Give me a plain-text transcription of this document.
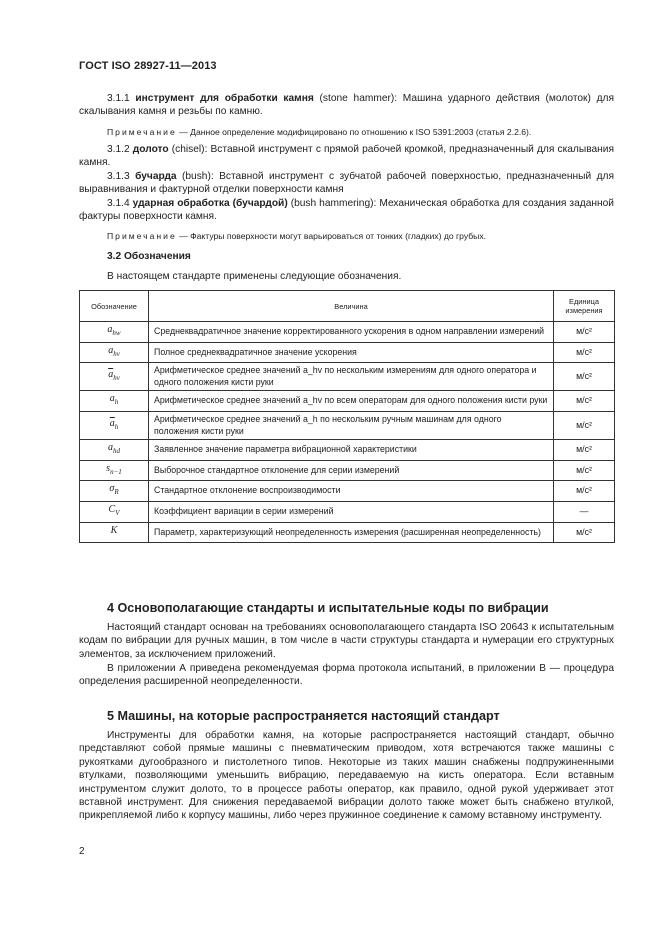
ГОСТ ISO 28927-11—2013
3.1.1 инструмент для обработки камня (stone hammer): Машина ударного действия (молоток) для скалывания камня и резьбы по камню.
Примечание — Данное определение модифицировано по отношению к ISO 5391:2003 (статья 2.2.6).
3.1.2 долото (chisel): Вставной инструмент с прямой рабочей кромкой, предназначенный для скалывания камня.
3.1.3 бучарда (bush): Вставной инструмент с зубчатой рабочей поверхностью, предназначенный для выравнивания и фактурной отделки поверхности камня
3.1.4 ударная обработка (бучардой) (bush hammering): Механическая обработка для создания заданной фактуры поверхности камня.
Примечание — Фактуры поверхности могут варьироваться от тонких (гладких) до грубых.
3.2 Обозначения
В настоящем стандарте применены следующие обозначения.
Обозначение	Величина	Единица измерения
$a_{hw}$	Среднеквадратичное значение корректированного ускорения в одном направлении измерений	м/с²
$a_{hv}$	Полное среднеквадратичное значение ускорения	м/с²
$\overline{a}_{hv}$	Арифметическое среднее значений a_hv по нескольким измерениям для одного оператора и одного положения кисти руки	м/с²
$a_h$	Арифметическое среднее значений a_hv по всем операторам для одного положения кисти руки	м/с²
$\overline{a}_h$	Арифметическое среднее значений a_h по нескольким ручным машинам для одного положения кисти руки	м/с²
$a_{hd}$	Заявленное значение параметра вибрационной характеристики	м/с²
$s_{n-1}$	Выборочное стандартное отклонение для серии измерений	м/с²
$\sigma_R$	Стандартное отклонение воспроизводимости	м/с²
$C_V$	Коэффициент вариации в серии измерений	—
K	Параметр, характеризующий неопределенность измерения (расширенная неопределенность)	м/с²
4 Основополагающие стандарты и испытательные коды по вибрации
Настоящий стандарт основан на требованиях основополагающего стандарта ISO 20643 к испытательным кодам по вибрации для ручных машин, в том числе в части структуры стандарта и нумерации его структурных элементов, за исключением приложений.
В приложении А приведена рекомендуемая форма протокола испытаний, в приложении В — процедура определения расширенной неопределенности.
5 Машины, на которые распространяется настоящий стандарт
Инструменты для обработки камня, на которые распространяется настоящий стандарт, обычно представляют собой прямые машины с пневматическим приводом, хотя встречаются также машины с рукоятками дугообразного и пистолетного типов. Некоторые из таких машин снабжены подпружиненными втулками, позволяющими уменьшить вибрацию, передаваемую на кисть оператора. Если вставным инструментом служит долото, то в процессе работы оператор, как правило, одной рукой удерживает этот вставной инструмент. Для снижения передаваемой вибрации долото также может быть снабжено втулкой, прикрепляемой либо к корпусу машины, либо через пружинное соединение к самому вставному инструменту.
2
